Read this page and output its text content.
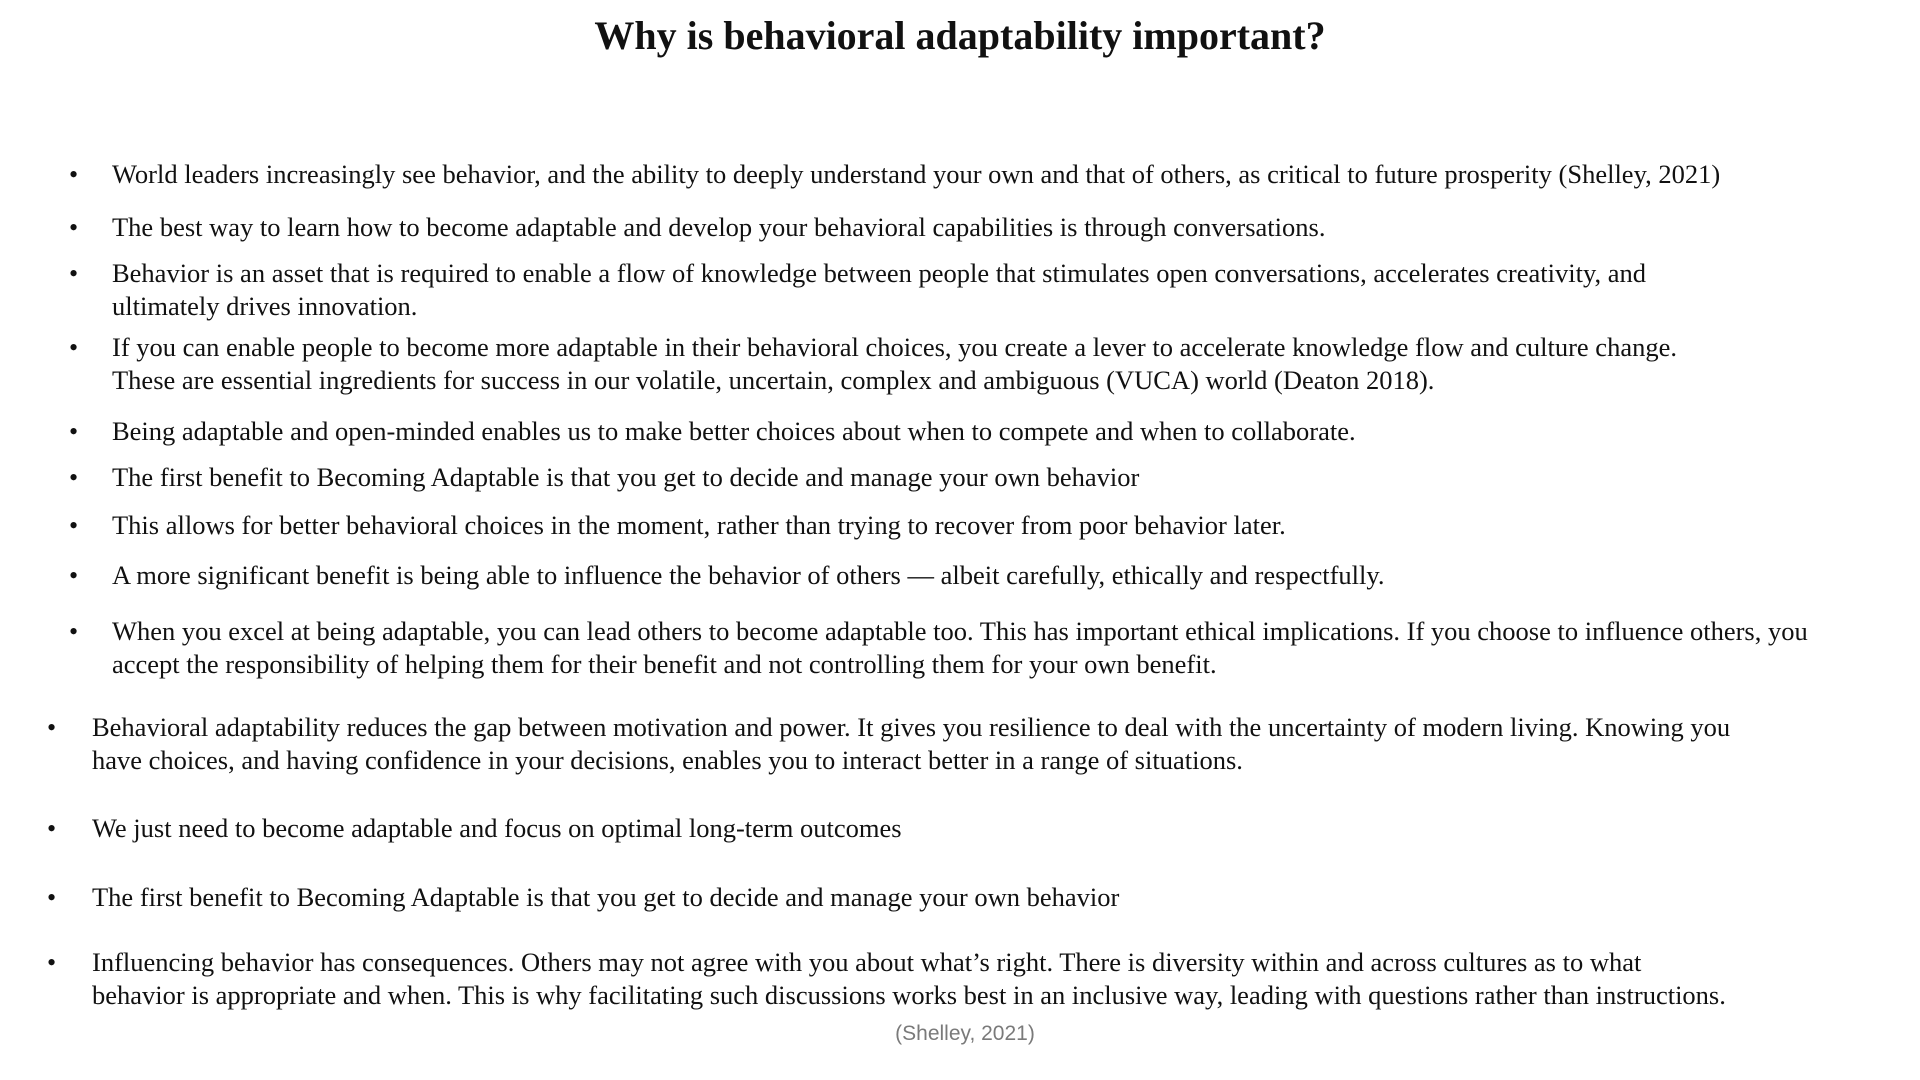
Why is behavioral adaptability important?
• World leaders increasingly see behavior, and the ability to deeply understand your own and that of others, as critical to future prosperity (Shelley, 2021)
• The best way to learn how to become adaptable and develop your behavioral capabilities is through conversations.
• Behavior is an asset that is required to enable a flow of knowledge between people that stimulates open conversations, accelerates creativity, and
ultimately drives innovation.
• If you can enable people to become more adaptable in their behavioral choices, you create a lever to accelerate knowledge flow and culture change.
These are essential ingredients for success in our volatile, uncertain, complex and ambiguous (VUCA) world (Deaton 2018).
• Being adaptable and open-minded enables us to make better choices about when to compete and when to collaborate.
• The first benefit to Becoming Adaptable is that you get to decide and manage your own behavior
• This allows for better behavioral choices in the moment, rather than trying to recover from poor behavior later.
• A more significant benefit is being able to influence the behavior of others — albeit carefully, ethically and respectfully.
• When you excel at being adaptable, you can lead others to become adaptable too. This has important ethical implications. If you choose to influence others, you
accept the responsibility of helping them for their benefit and not controlling them for your own benefit.
• Behavioral adaptability reduces the gap between motivation and power. It gives you resilience to deal with the uncertainty of modern living. Knowing you
have choices, and having confidence in your decisions, enables you to interact better in a range of situations.
• We just need to become adaptable and focus on optimal long-term outcomes
• The first benefit to Becoming Adaptable is that you get to decide and manage your own behavior
• Influencing behavior has consequences. Others may not agree with you about what’s right. There is diversity within and across cultures as to what
behavior is appropriate and when. This is why facilitating such discussions works best in an inclusive way, leading with questions rather than instructions.
(Shelley, 2021)
